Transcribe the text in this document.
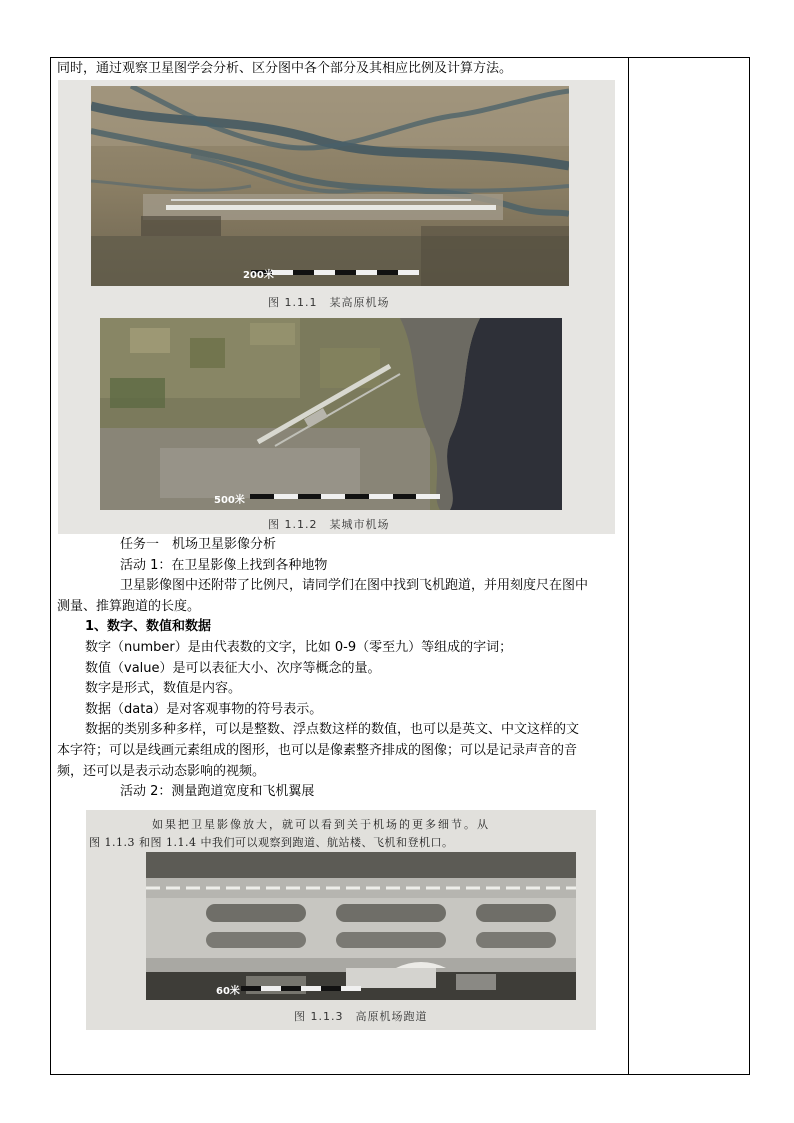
同时，通过观察卫星图学会分析、区分图中各个部分及其相应比例及计算方法。
200米
图 1.1.1　某高原机场
500米
图 1.1.2　某城市机场
任务一　机场卫星影像分析
活动 1：在卫星影像上找到各种地物
卫星影像图中还附带了比例尺，请同学们在图中找到飞机跑道，并用刻度尺在图中
测量、推算跑道的长度。
1、数字、数值和数据
数字（number）是由代表数的文字，比如 0-9（零至九）等组成的字词；
数值（value）是可以表征大小、次序等概念的量。
数字是形式，数值是内容。
数据（data）是对客观事物的符号表示。
数据的类别多种多样，可以是整数、浮点数这样的数值，也可以是英文、中文这样的文
本字符；可以是线画元素组成的图形，也可以是像素整齐排成的图像；可以是记录声音的音
频，还可以是表示动态影响的视频。
活动 2：测量跑道宽度和飞机翼展
如果把卫星影像放大，就可以看到关于机场的更多细节。从
图 1.1.3 和图 1.1.4 中我们可以观察到跑道、航站楼、飞机和登机口。
60米
图 1.1.3　高原机场跑道
